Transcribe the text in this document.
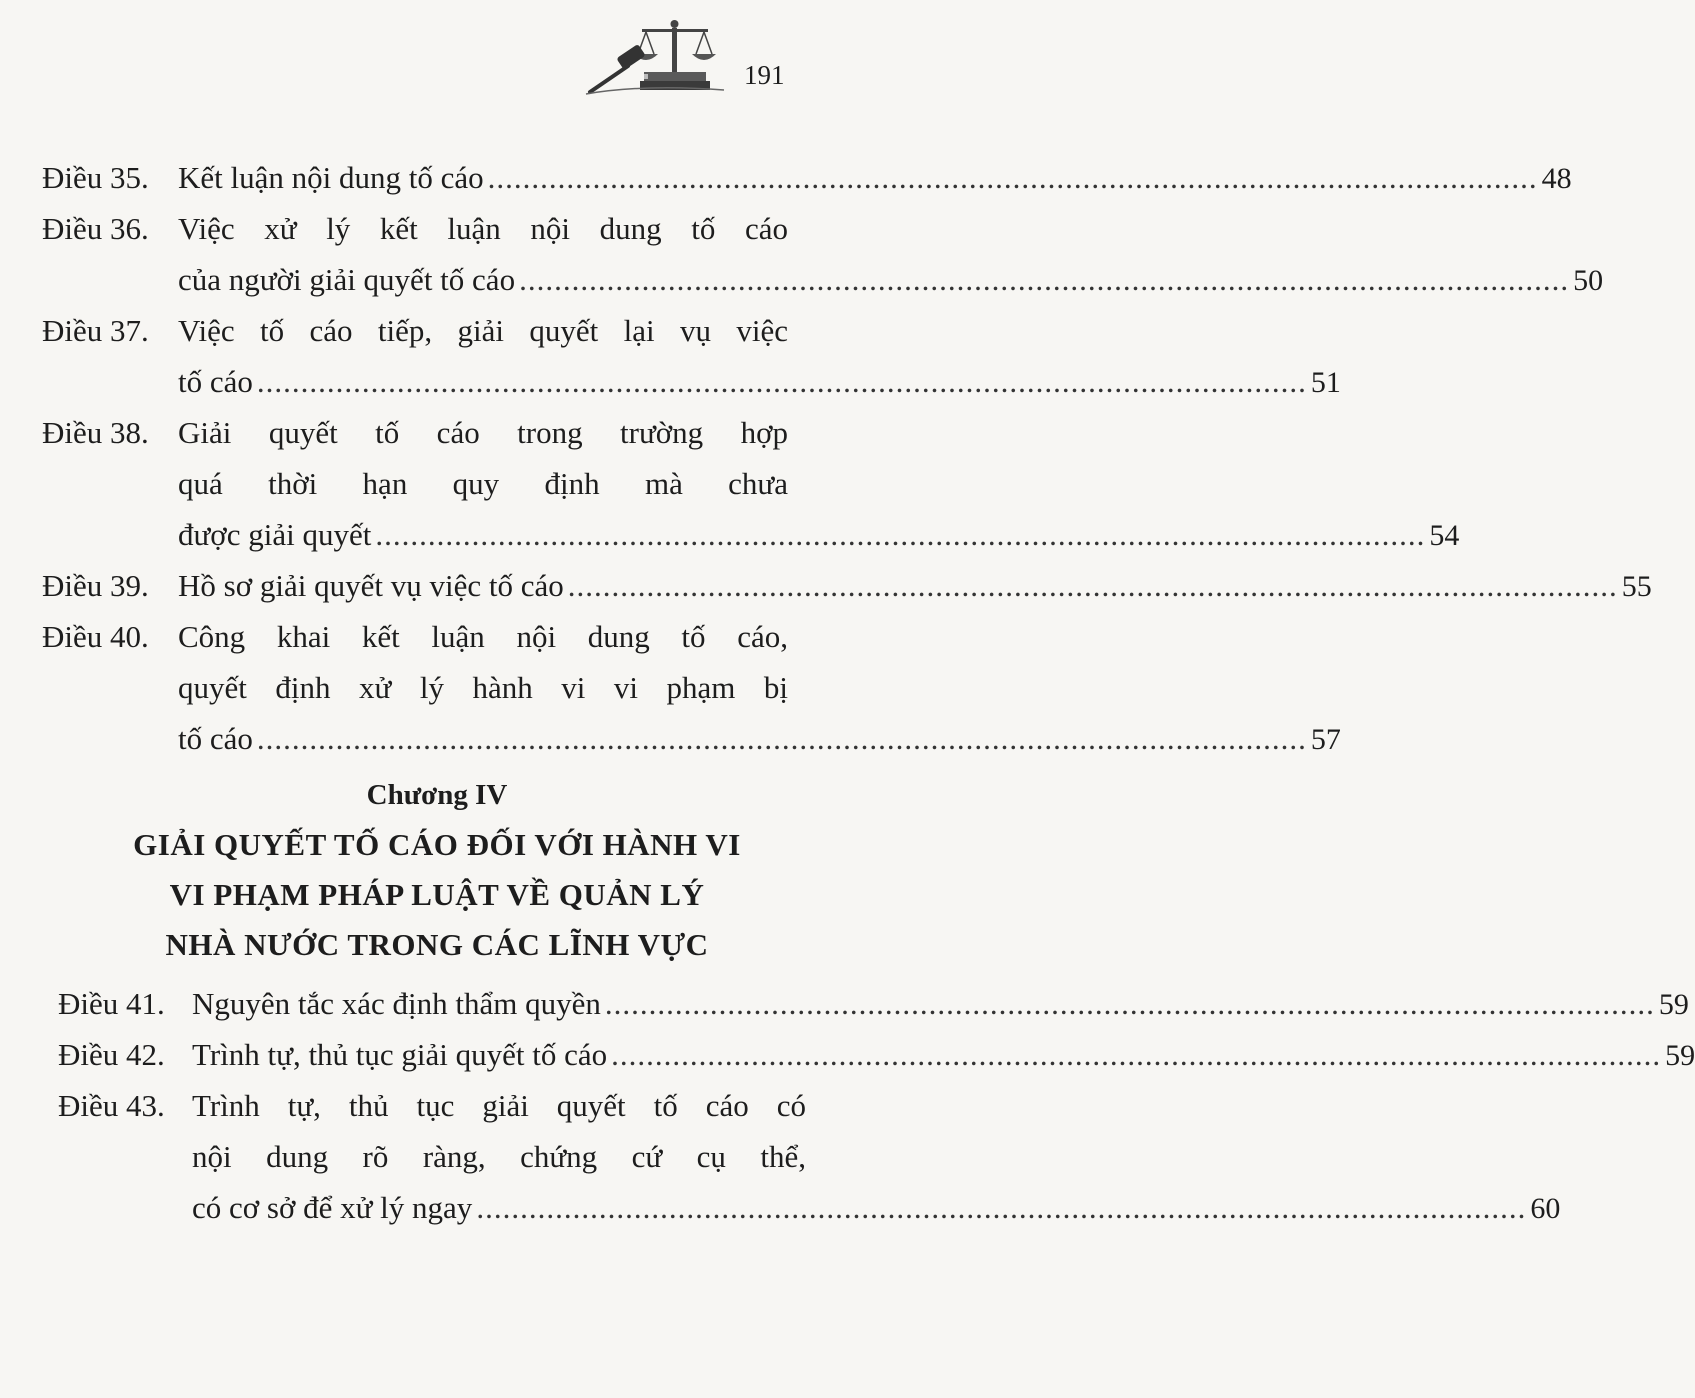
191
Điều 35. Kết luận nội dung tố cáo ........................................................................................................................ 48
Điều 36. Việc xử lý kết luận nội dung tố cáo
của người giải quyết tố cáo ........................................................................................................................ 50
Điều 37. Việc tố cáo tiếp, giải quyết lại vụ việc
tố cáo ........................................................................................................................ 51
Điều 38. Giải quyết tố cáo trong trường hợp
quá thời hạn quy định mà chưa
được giải quyết ........................................................................................................................ 54
Điều 39. Hồ sơ giải quyết vụ việc tố cáo ........................................................................................................................ 55
Điều 40. Công khai kết luận nội dung tố cáo,
quyết định xử lý hành vi vi phạm bị
tố cáo ........................................................................................................................ 57
Chương IV
GIẢI QUYẾT TỐ CÁO ĐỐI VỚI HÀNH VI
VI PHẠM PHÁP LUẬT VỀ QUẢN LÝ
NHÀ NƯỚC TRONG CÁC LĨNH VỰC
Điều 41. Nguyên tắc xác định thẩm quyền ........................................................................................................................ 59
Điều 42. Trình tự, thủ tục giải quyết tố cáo ........................................................................................................................ 59
Điều 43. Trình tự, thủ tục giải quyết tố cáo có
nội dung rõ ràng, chứng cứ cụ thể,
có cơ sở để xử lý ngay ........................................................................................................................ 60
